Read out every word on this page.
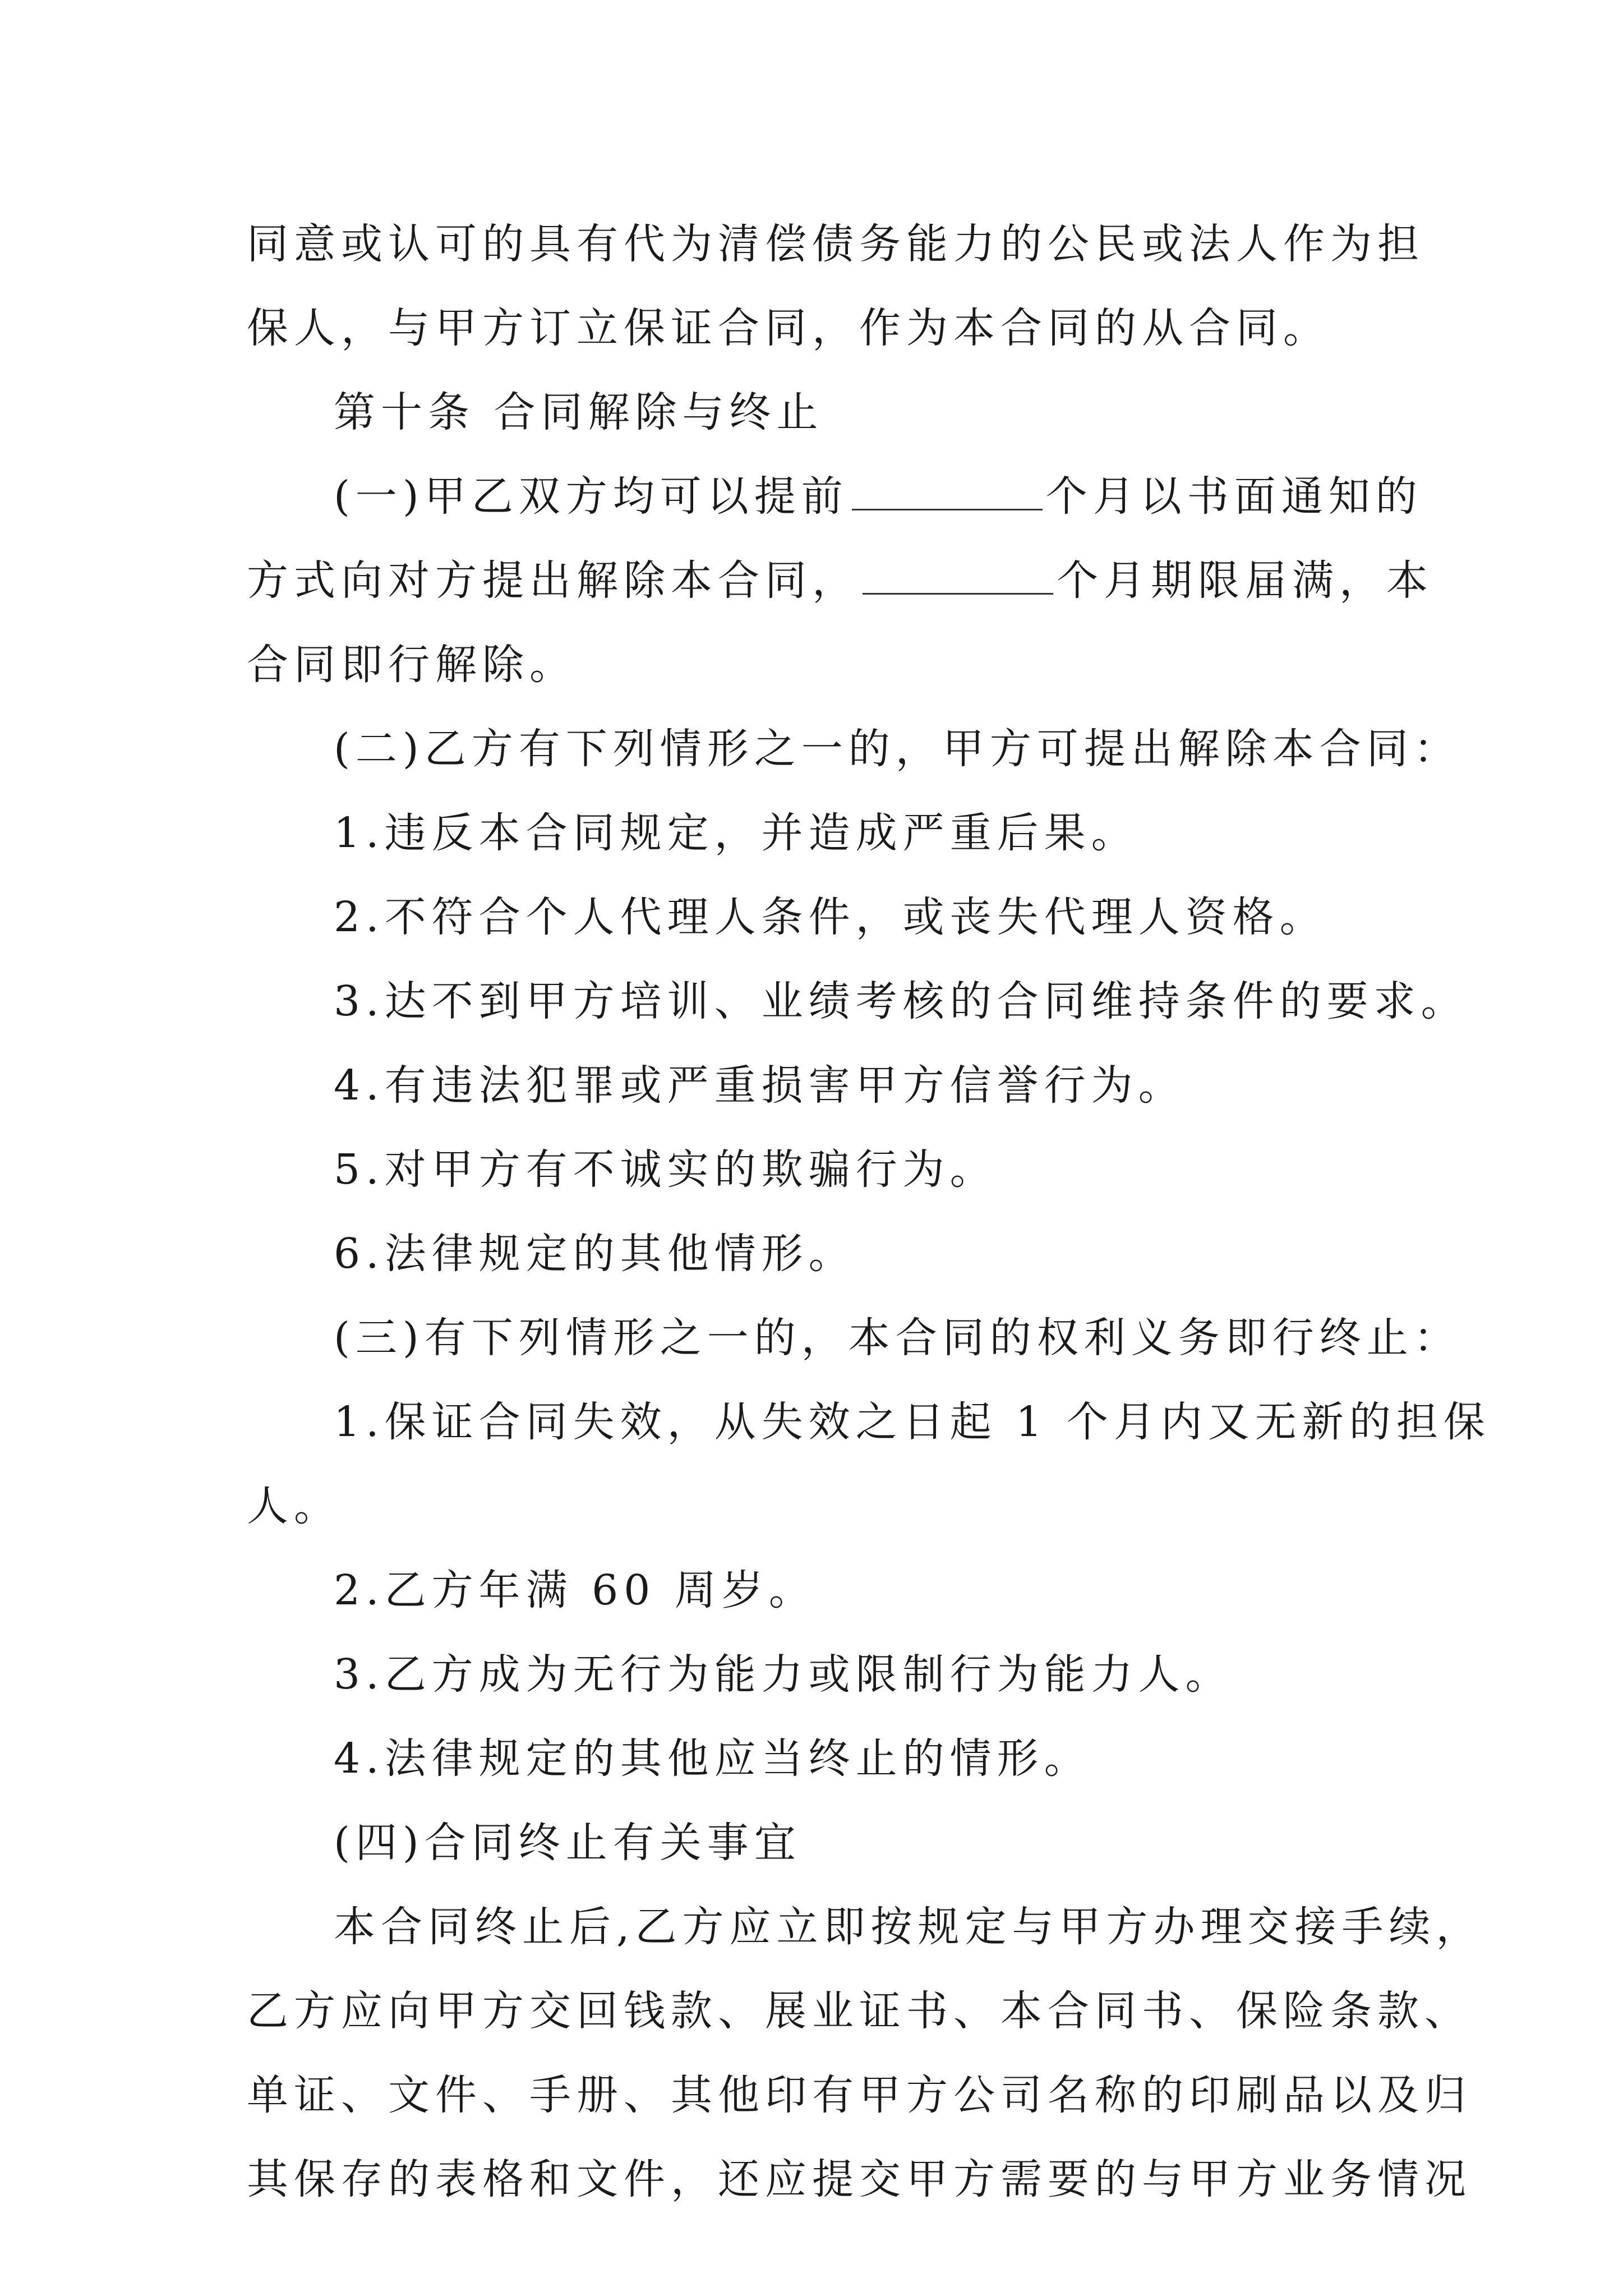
同意或认可的具有代为清偿债务能力的公民或法人作为担
保人，与甲方订立保证合同，作为本合同的从合同。
第十条 合同解除与终止
(一)甲乙双方均可以提前	个月以书面通知的
方式向对方提出解除本合同，	个月期限届满，本
合同即行解除。
(二)乙方有下列情形之一的，甲方可提出解除本合同：
1.违反本合同规定，并造成严重后果。
2.不符合个人代理人条件，或丧失代理人资格。
3.达不到甲方培训、业绩考核的合同维持条件的要求。
4.有违法犯罪或严重损害甲方信誉行为。
5.对甲方有不诚实的欺骗行为。
6.法律规定的其他情形。
(三)有下列情形之一的，本合同的权利义务即行终止：
1.保证合同失效，从失效之日起 1 个月内又无新的担保
人。
2.乙方年满 60 周岁。
3.乙方成为无行为能力或限制行为能力人。
4.法律规定的其他应当终止的情形。
(四)合同终止有关事宜
本合同终止后,乙方应立即按规定与甲方办理交接手续，
乙方应向甲方交回钱款、展业证书、本合同书、保险条款、
单证、文件、手册、其他印有甲方公司名称的印刷品以及归
其保存的表格和文件，还应提交甲方需要的与甲方业务情况
